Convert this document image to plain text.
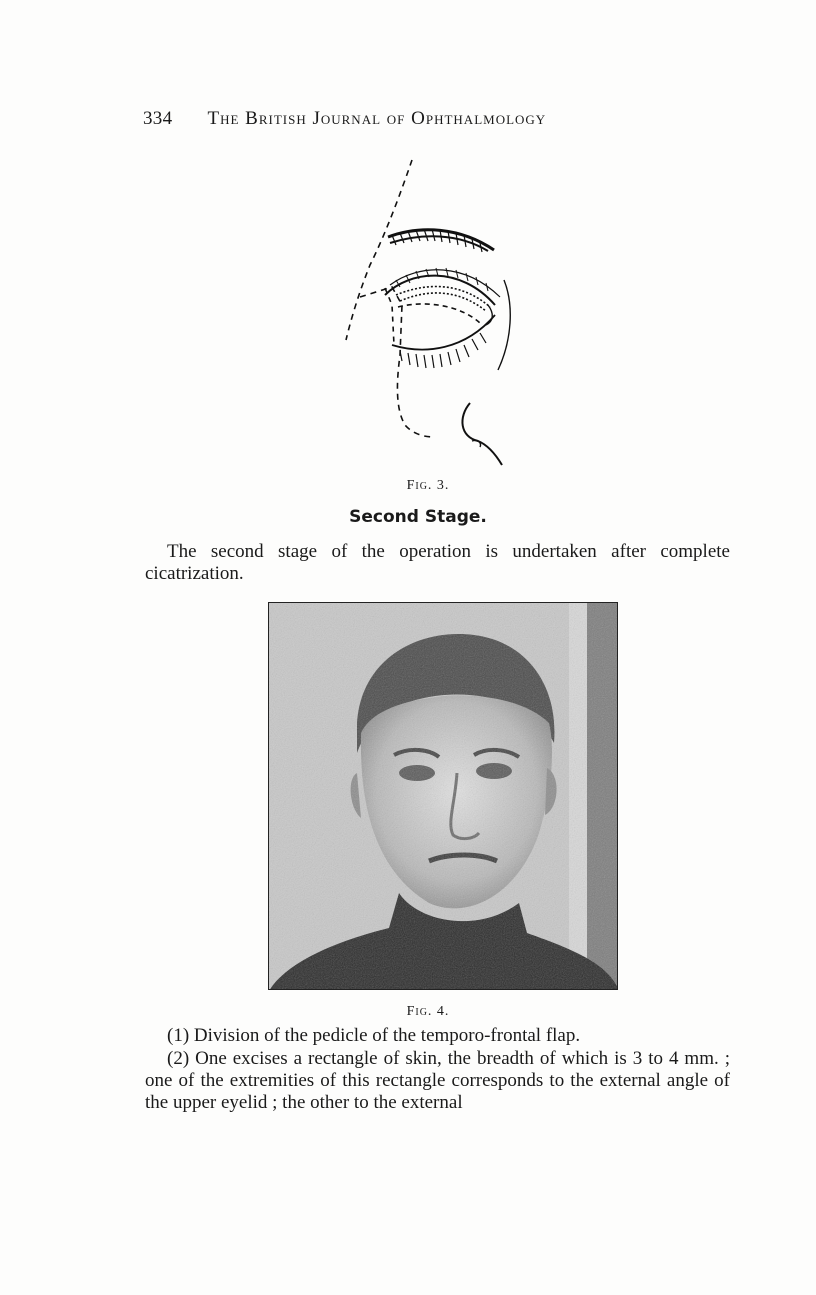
334 The British Journal of Ophthalmology
Fig. 3.
Second Stage.
The second stage of the operation is undertaken after complete cicatrization.
Fig. 4.
(1) Division of the pedicle of the temporo-frontal flap.
(2) One excises a rectangle of skin, the breadth of which is 3 to 4 mm. ; one of the extremities of this rectangle corresponds to the external angle of the upper eyelid ; the other to the external
